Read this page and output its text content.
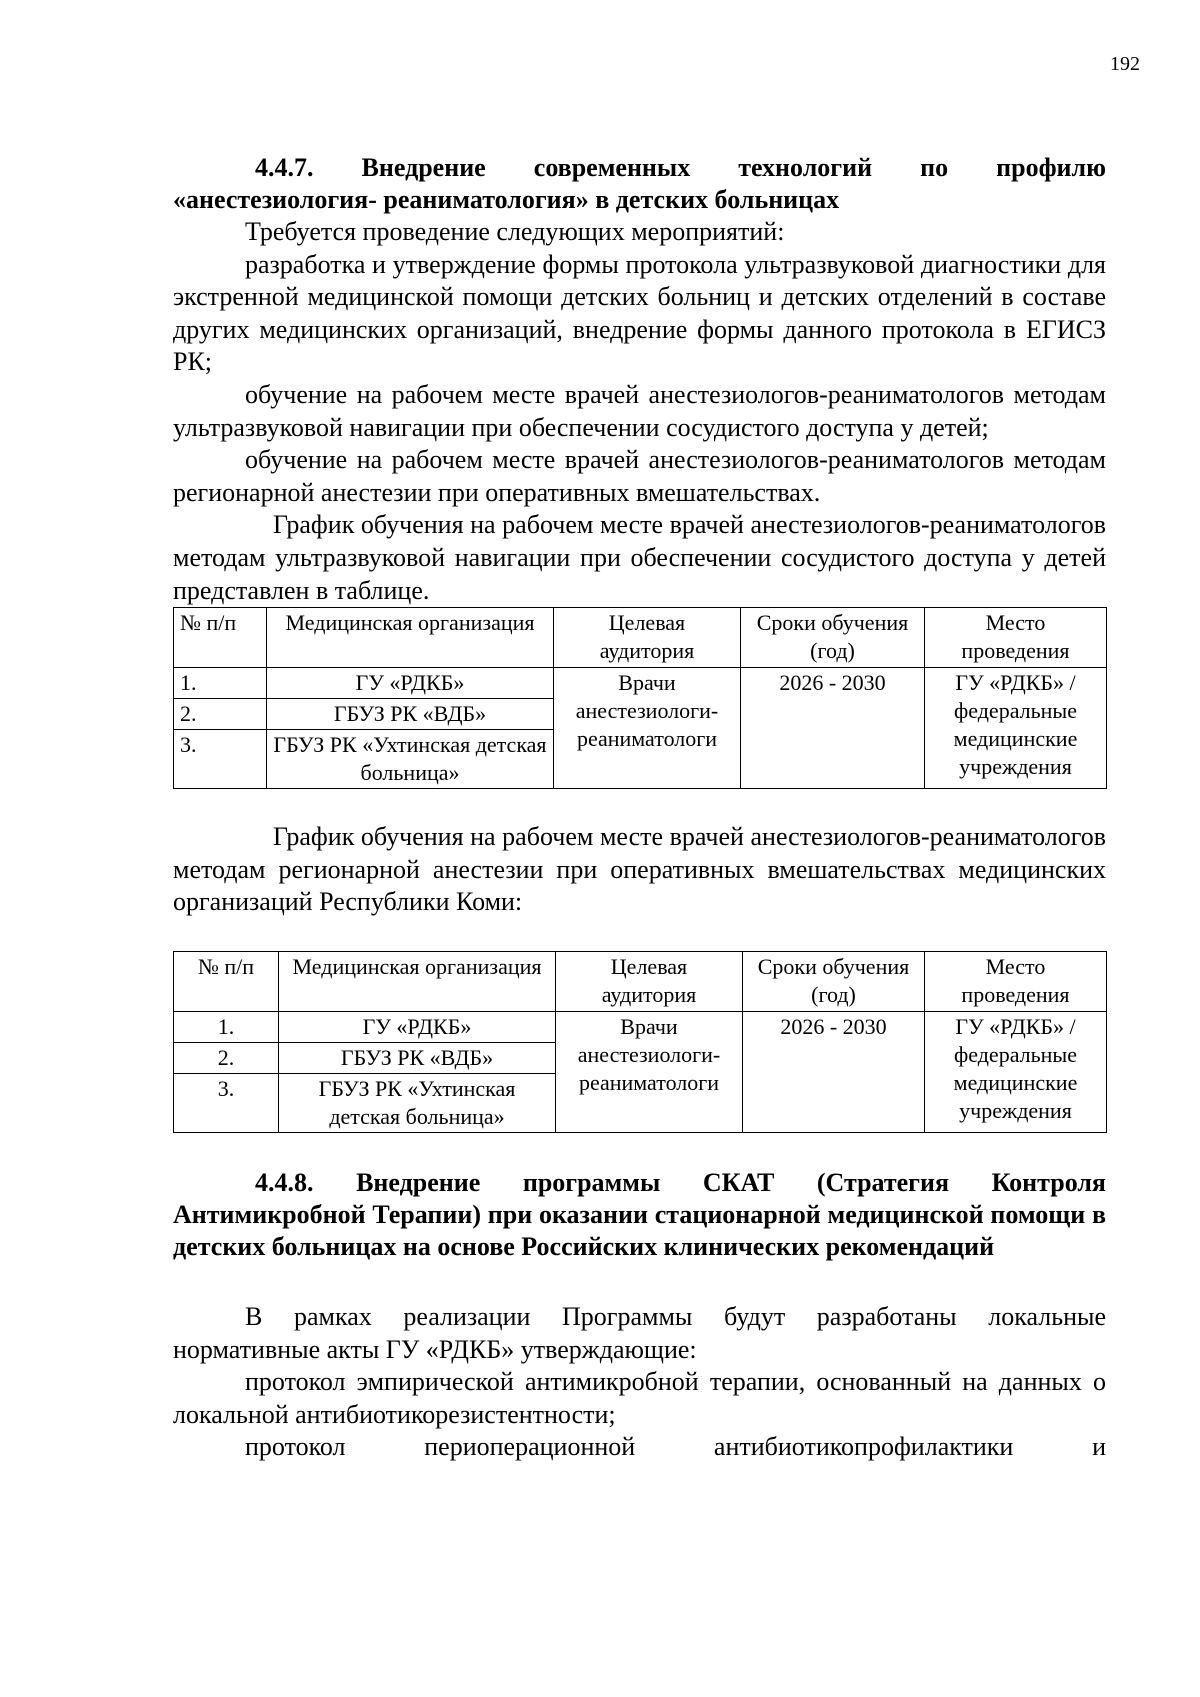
192
4.4.7. Внедрение современных технологий по профилю «анестезиология- реаниматология» в детских больницах

Требуется проведение следующих мероприятий:

разработка и утверждение формы протокола ультразвуковой диагностики для экстренной медицинской помощи детских больниц и детских отделений в составе других медицинских организаций, внедрение формы данного протокола в ЕГИСЗ РК;

обучение на рабочем месте врачей анестезиологов-реаниматологов методам ультразвуковой навигации при обеспечении сосудистого доступа у детей;

обучение на рабочем месте врачей анестезиологов-реаниматологов методам регионарной анестезии при оперативных вмешательствах.

График обучения на рабочем месте врачей анестезиологов-реаниматологов методам ультразвуковой навигации при обеспечении сосудистого доступа у детей представлен в таблице.

№ п/п	Медицинская организация	Целевая аудитория	Сроки обучения (год)	Место проведения
1.	ГУ «РДКБ»	Врачи анестезиологи-реаниматологи	2026 - 2030	ГУ «РДКБ» / федеральные медицинские учреждения
2.	ГБУЗ РК «ВДБ»			
3.	ГБУЗ РК «Ухтинская детская больница»			

График обучения на рабочем месте врачей анестезиологов-реаниматологов методам регионарной анестезии при оперативных вмешательствах медицинских организаций Республики Коми:

№ п/п	Медицинская организация	Целевая аудитория	Сроки обучения (год)	Место проведения
1.	ГУ «РДКБ»	Врачи анестезиологи-реаниматологи	2026 - 2030	ГУ «РДКБ» / федеральные медицинские учреждения
2.	ГБУЗ РК «ВДБ»			
3.	ГБУЗ РК «Ухтинская детская больница»			
4.4.8. Внедрение программы СКАТ (Стратегия Контроля Антимикробной Терапии) при оказании стационарной медицинской помощи в детских больницах на основе Российских клинических рекомендаций

В рамках реализации Программы будут разработаны локальные нормативные акты ГУ «РДКБ» утверждающие:

протокол эмпирической антимикробной терапии, основанный на данных о локальной антибиотикорезистентности;

протокол периоперационной антибиотикопрофилактики и
